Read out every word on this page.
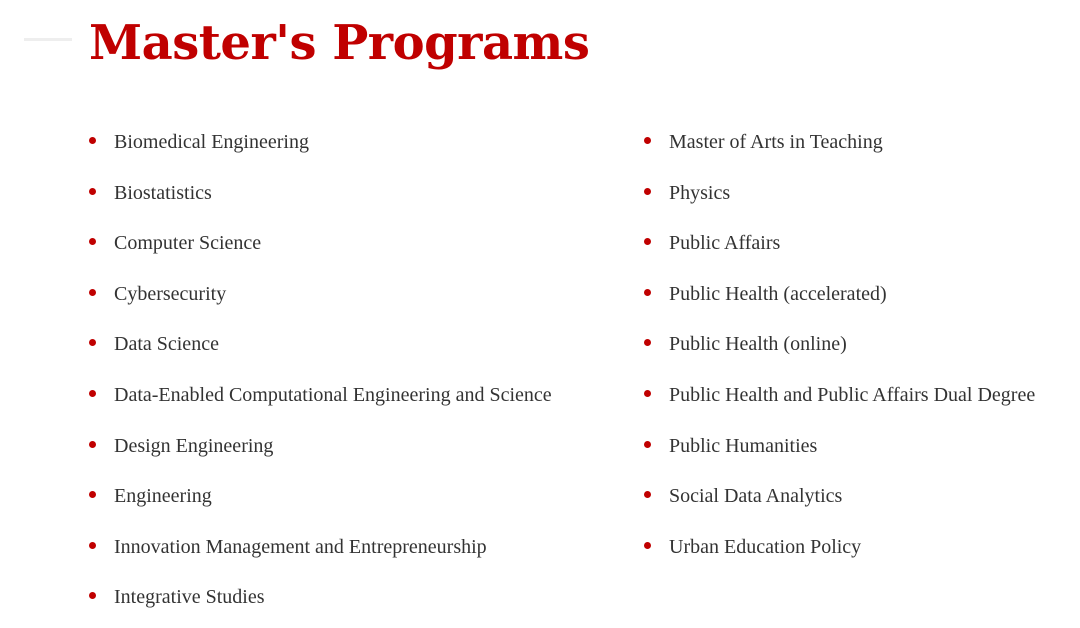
Master's Programs
Biomedical Engineering
Biostatistics
Computer Science
Cybersecurity
Data Science
Data-Enabled Computational Engineering and Science
Design Engineering
Engineering
Innovation Management and Entrepreneurship
Integrative Studies
Master of Arts in Teaching
Physics
Public Affairs
Public Health (accelerated)
Public Health (online)
Public Health and Public Affairs Dual Degree
Public Humanities
Social Data Analytics
Urban Education Policy
